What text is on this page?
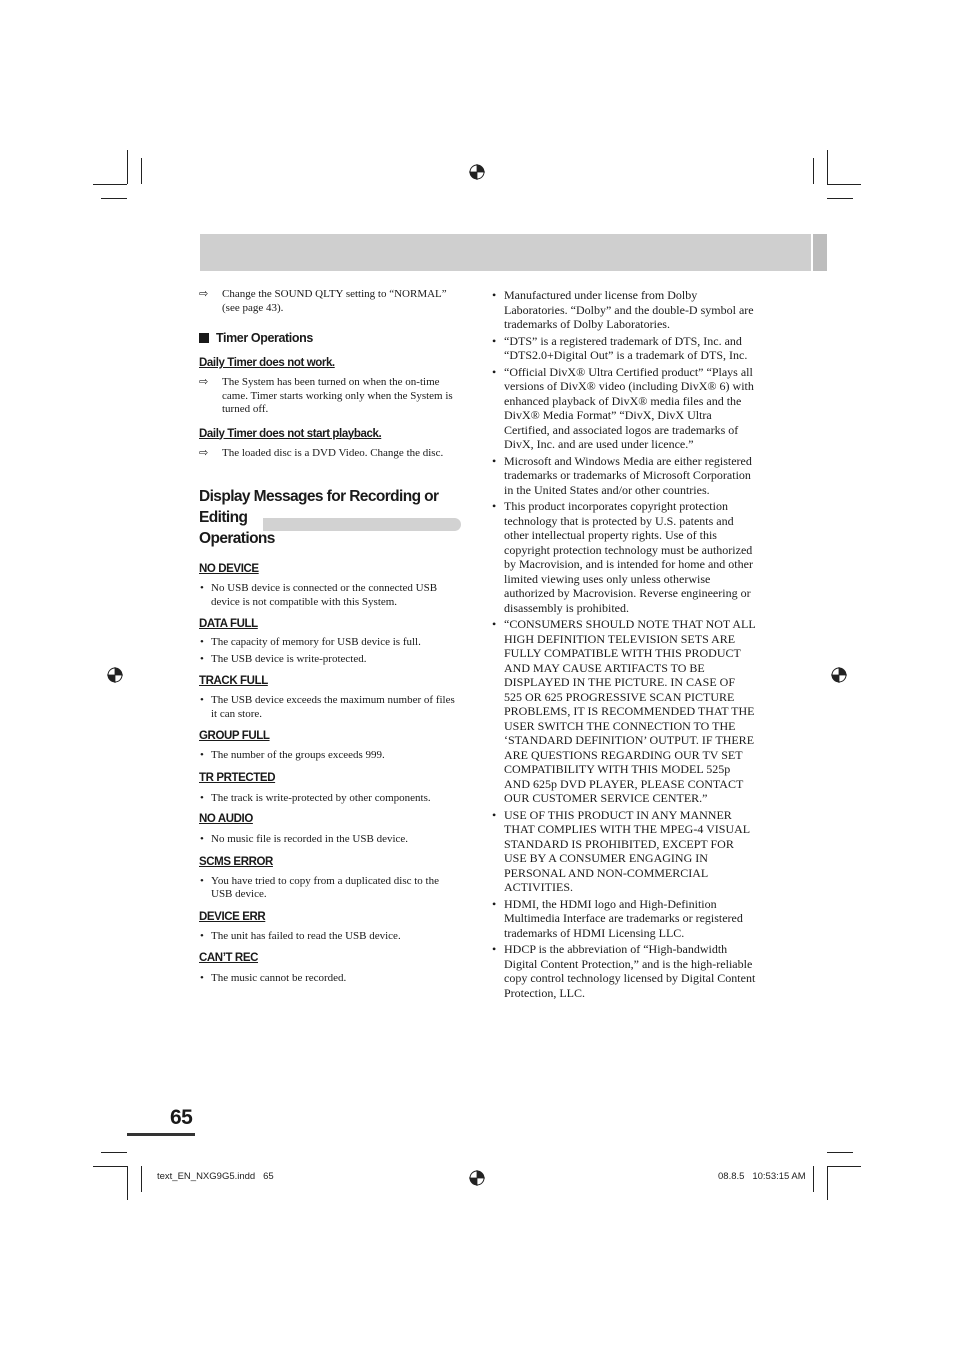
⇨ Change the SOUND QLTY setting to “NORMAL” (see page 43).

Timer Operations

Daily Timer does not work.

⇨ The System has been turned on when the on-time came. Timer starts working only when the System is turned off.

Daily Timer does not start playback.

⇨ The loaded disc is a DVD Video. Change the disc.

Display Messages for Recording or Editing
Operations

NO DEVICE

• No USB device is connected or the connected USB device is not compatible with this System.

DATA FULL

• The capacity of memory for USB device is full.

• The USB device is write-protected.

TRACK FULL

• The USB device exceeds the maximum number of files it can store.

GROUP FULL

• The number of the groups exceeds 999.

TR PRTECTED

• The track is write-protected by other components.

NO AUDIO

• No music file is recorded in the USB device.

SCMS ERROR

• You have tried to copy from a duplicated disc to the USB device.

DEVICE ERR

• The unit has failed to read the USB device.

CAN’T REC

• The music cannot be recorded.

• Manufactured under license from Dolby Laboratories. “Dolby” and the double-D symbol are trademarks of Dolby Laboratories.

• “DTS” is a registered trademark of DTS, Inc. and “DTS2.0+Digital Out” is a trademark of DTS, Inc.

• “Official DivX® Ultra Certified product” “Plays all versions of DivX® video (including DivX® 6) with enhanced playback of DivX® media files and the DivX® Media Format” “DivX, DivX Ultra Certified, and associated logos are trademarks of DivX, Inc. and are used under licence.”

• Microsoft and Windows Media are either registered trademarks or trademarks of Microsoft Corporation in the United States and/or other countries.

• This product incorporates copyright protection technology that is protected by U.S. patents and other intellectual property rights. Use of this copyright protection technology must be authorized by Macrovision, and is intended for home and other limited viewing uses only unless otherwise authorized by Macrovision. Reverse engineering or disassembly is prohibited.

• “CONSUMERS SHOULD NOTE THAT NOT ALL HIGH DEFINITION TELEVISION SETS ARE FULLY COMPATIBLE WITH THIS PRODUCT AND MAY CAUSE ARTIFACTS TO BE DISPLAYED IN THE PICTURE. IN CASE OF 525 OR 625 PROGRESSIVE SCAN PICTURE PROBLEMS, IT IS RECOMMENDED THAT THE USER SWITCH THE CONNECTION TO THE ‘STANDARD DEFINITION’ OUTPUT. IF THERE ARE QUESTIONS REGARDING OUR TV SET COMPATIBILITY WITH THIS MODEL 525p AND 625p DVD PLAYER, PLEASE CONTACT OUR CUSTOMER SERVICE CENTER.”

• USE OF THIS PRODUCT IN ANY MANNER THAT COMPLIES WITH THE MPEG-4 VISUAL STANDARD IS PROHIBITED, EXCEPT FOR USE BY A CONSUMER ENGAGING IN PERSONAL AND NON-COMMERCIAL ACTIVITIES.

• HDMI, the HDMI logo and High-Definition Multimedia Interface are trademarks or registered trademarks of HDMI Licensing LLC.

• HDCP is the abbreviation of “High-bandwidth Digital Content Protection,” and is the high-reliable copy control technology licensed by Digital Content Protection, LLC.

65
text_EN_NXG9G5.indd   65	08.8.5   10:53:15 AM
